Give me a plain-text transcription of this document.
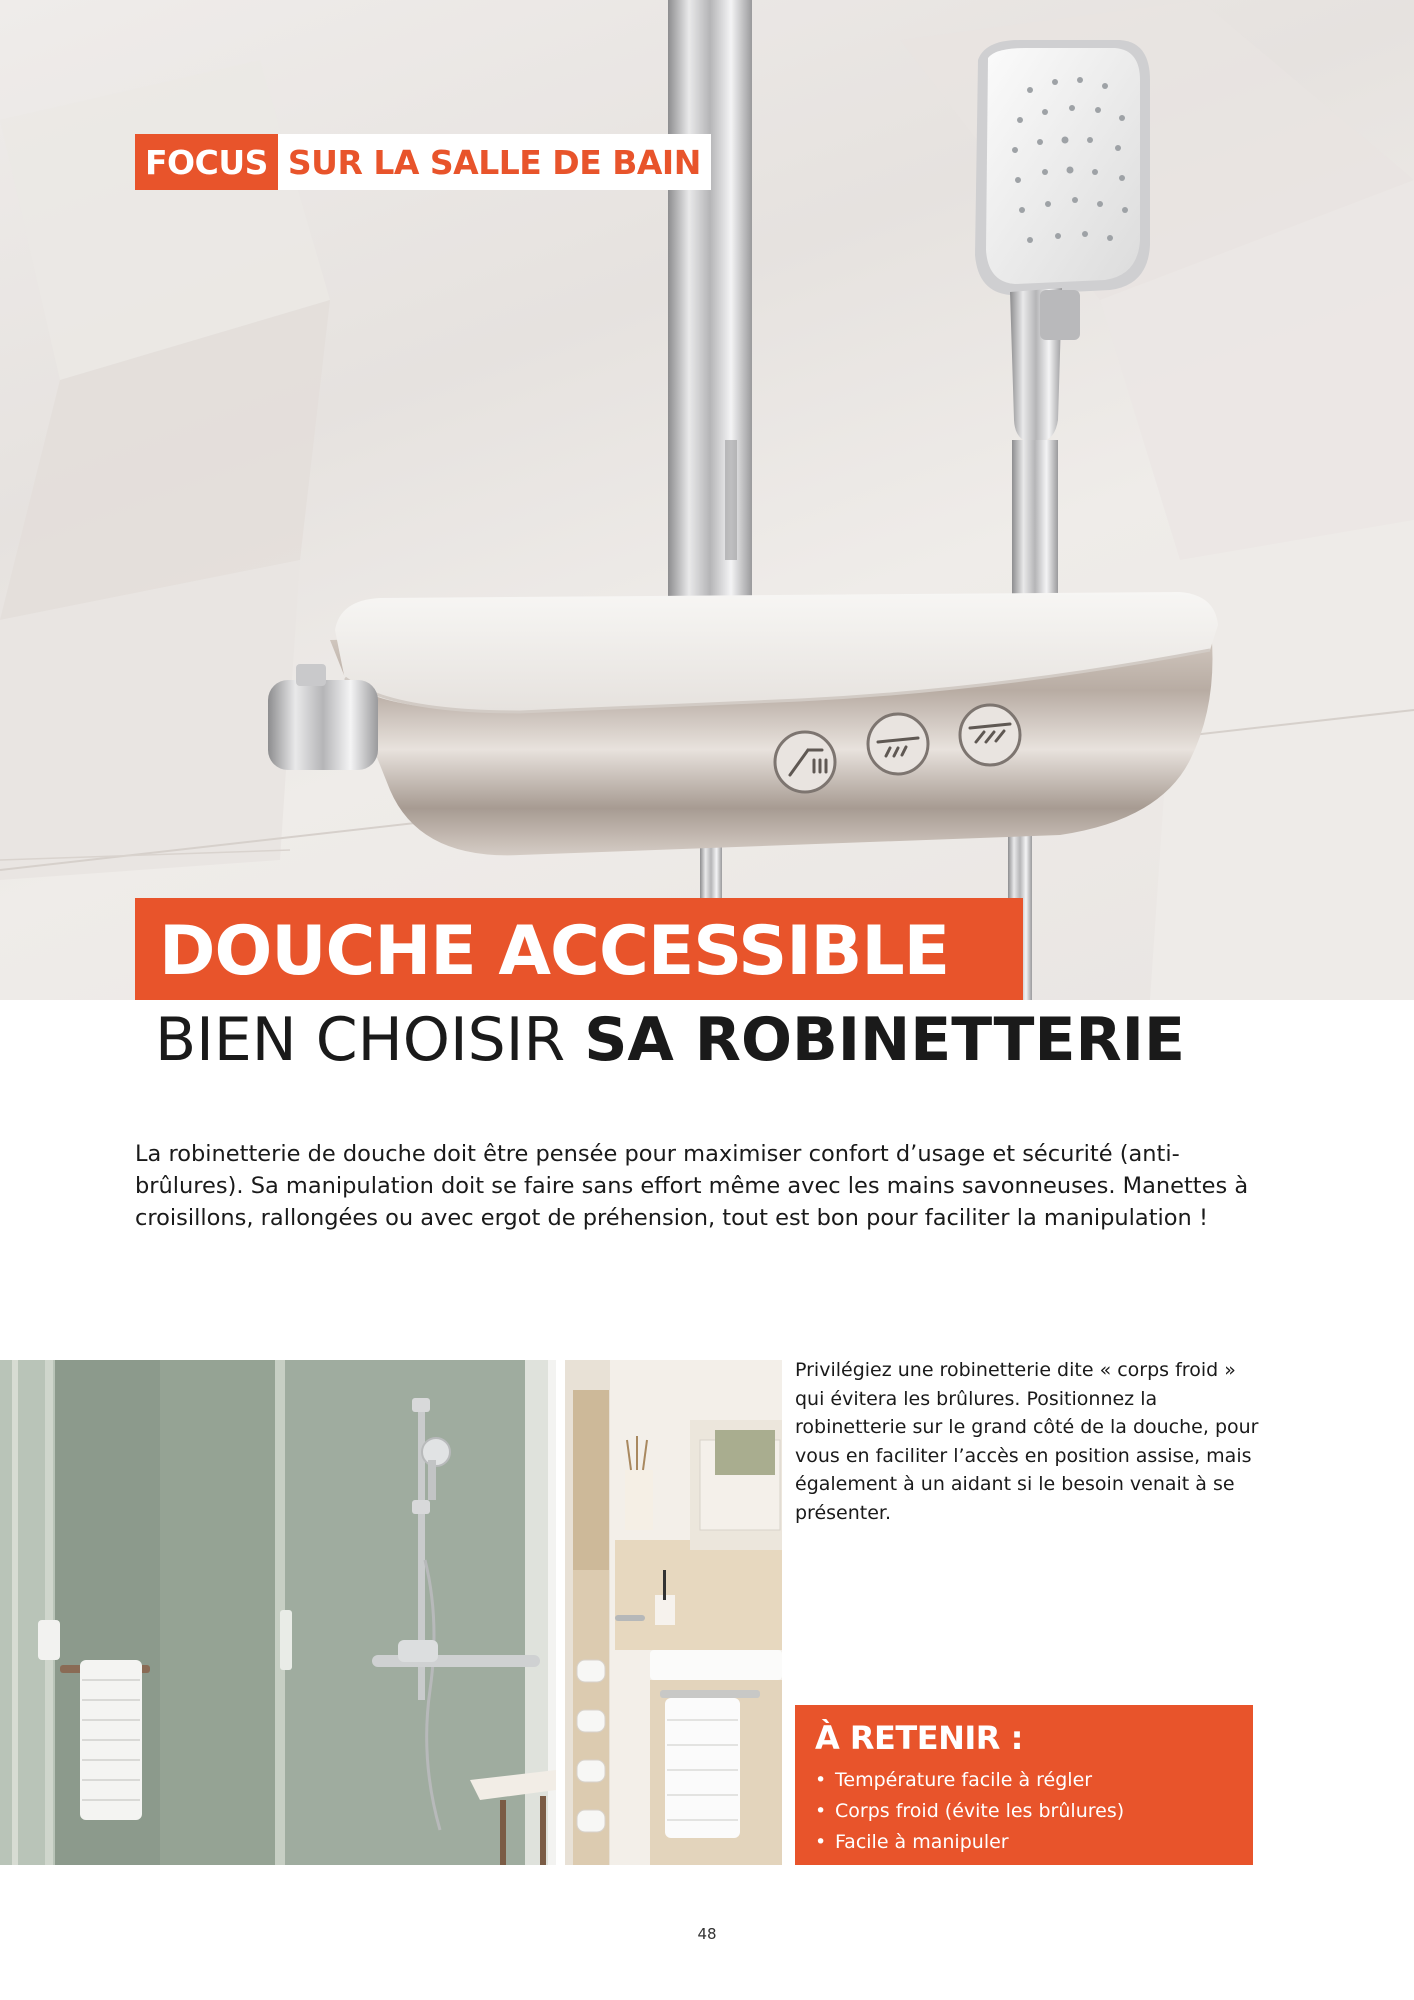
FOCUS SUR LA SALLE DE BAIN
DOUCHE ACCESSIBLE
BIEN CHOISIR SA ROBINETTERIE

La robinetterie de douche doit être pensée pour maximiser confort d’usage et sécurité (anti-brûlures). Sa manipulation doit se faire sans effort même avec les mains savonneuses. Manettes à croisillons, rallongées ou avec ergot de préhension, tout est bon pour faciliter la manipulation !

Privilégiez une robinetterie dite « corps froid » qui évitera les brûlures. Positionnez la robinetterie sur le grand côté de la douche, pour vous en faciliter l’accès en position assise, mais également à un aidant si le besoin venait à se présenter.

À RETENIR :
• Température facile à régler
• Corps froid (évite les brûlures)
• Facile à manipuler
48
